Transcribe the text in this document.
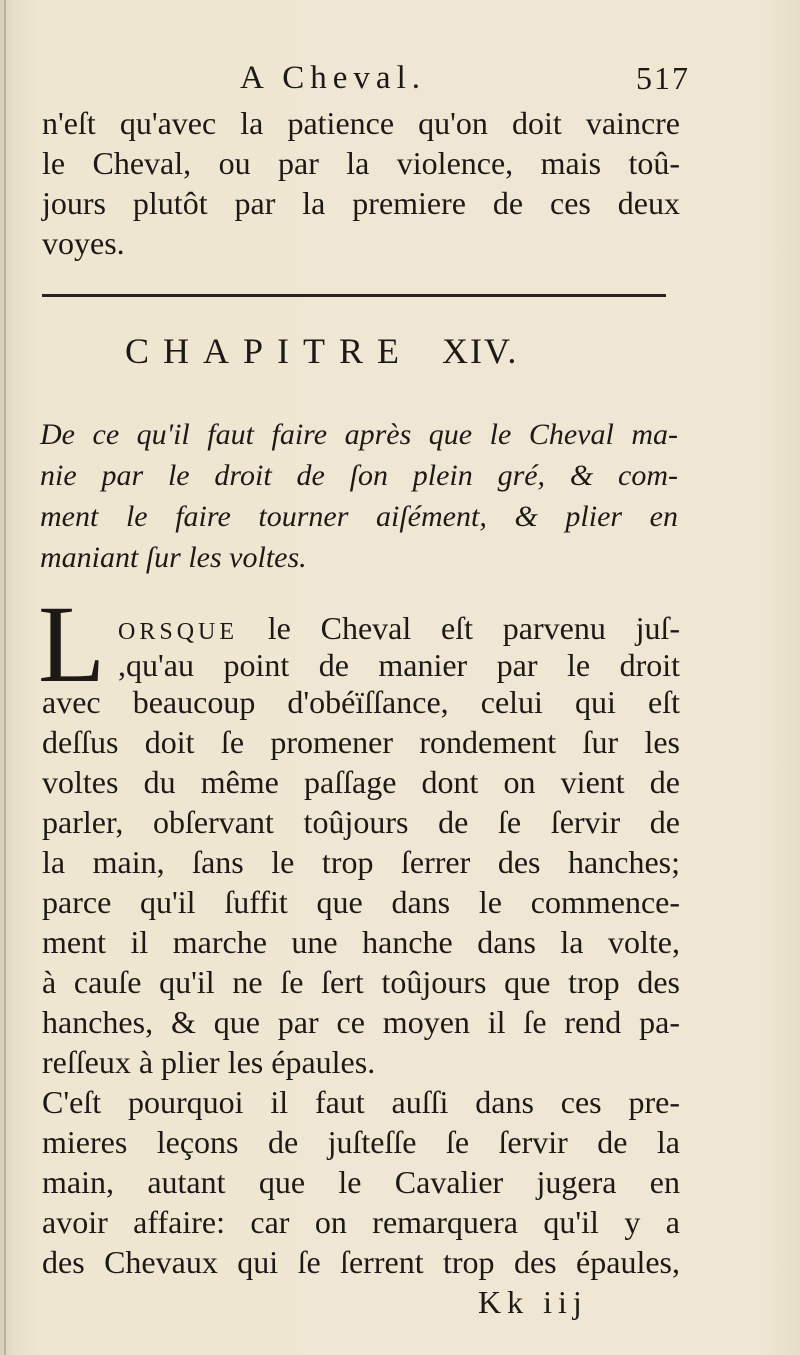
A Cheval.	517
n'eſt qu'avec la patience qu'on doit vaincre
le Cheval, ou par la violence, mais toû-
jours plutôt par la premiere de ces deux
voyes.
CHAPITRE XIV.
De ce qu'il faut faire après que le Cheval ma-
nie par le droit de ſon plein gré, & com-
ment le faire tourner aiſément, & plier en
maniant ſur les voltes.
L ORSQUE le Cheval eſt parvenu juſ-
,qu'au point de manier par le droit
avec beaucoup d'obéïſſance, celui qui eſt
deſſus doit ſe promener rondement ſur les
voltes du même paſſage dont on vient de
parler, obſervant toûjours de ſe ſervir de
la main, ſans le trop ſerrer des hanches;
parce qu'il ſuffit que dans le commence-
ment il marche une hanche dans la volte,
à cauſe qu'il ne ſe ſert toûjours que trop des
hanches, & que par ce moyen il ſe rend pa-
reſſeux à plier les épaules.
C'eſt pourquoi il faut auſſi dans ces pre-
mieres leçons de juſteſſe ſe ſervir de la
main, autant que le Cavalier jugera en
avoir affaire: car on remarquera qu'il y a
des Chevaux qui ſe ſerrent trop des épaules,
Kk iij
